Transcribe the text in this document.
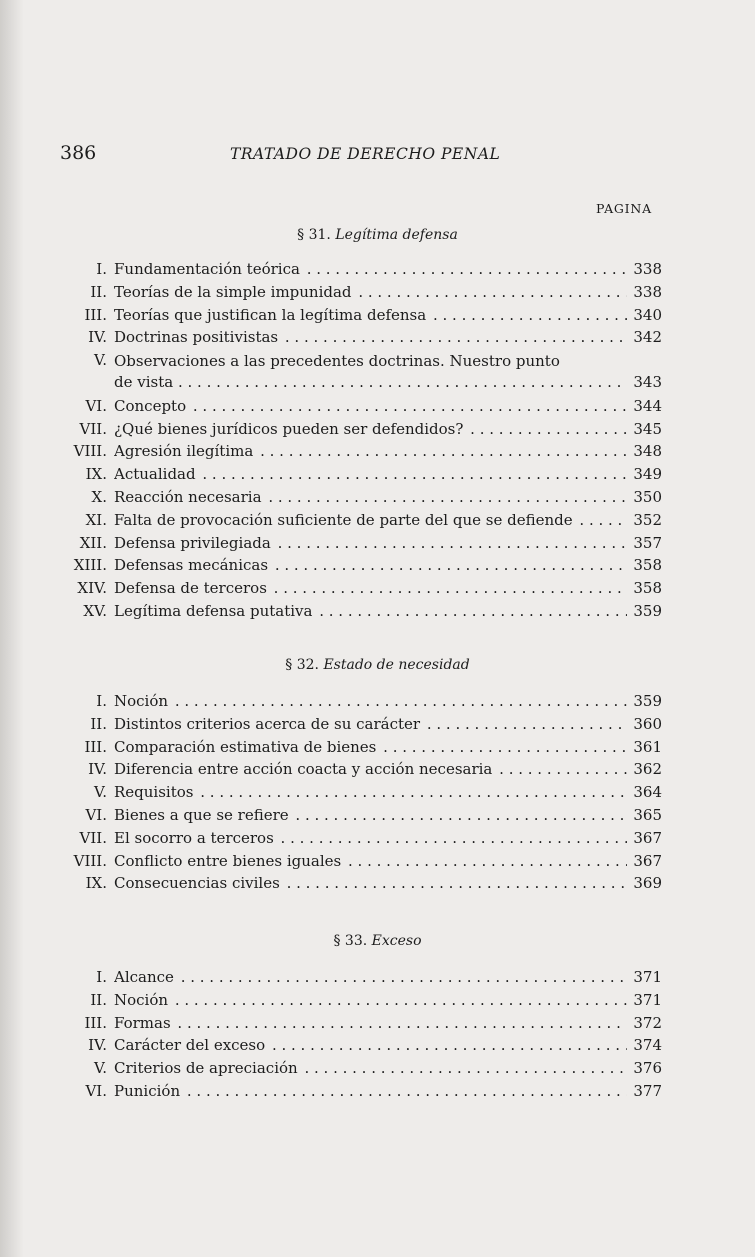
386	TRATADO DE DERECHO PENAL
PAGINA
§ 31. Legítima defensa
I. Fundamentación teórica . . .	338
II. Teorías de la simple impunidad . . .	338
III. Teorías que justifican la legítima defensa . . .	340
IV. Doctrinas positivistas . . .	342
V. Observaciones a las precedentes doctrinas. Nuestro punto
de vista . . .	343
VI. Concepto . . .	344
VII. ¿Qué bienes jurídicos pueden ser defendidos? . . .	345
VIII. Agresión ilegítima . . .	348
IX. Actualidad . . .	349
X. Reacción necesaria . . .	350
XI. Falta de provocación suficiente de parte del que se defiende . . .	352
XII. Defensa privilegiada . . .	357
XIII. Defensas mecánicas . . .	358
XIV. Defensa de terceros . . .	358
XV. Legítima defensa putativa . . .	359
§ 32. Estado de necesidad
I. Noción . . .	359
II. Distintos criterios acerca de su carácter . . .	360
III. Comparación estimativa de bienes . . .	361
IV. Diferencia entre acción coacta y acción necesaria . . .	362
V. Requisitos . . .	364
VI. Bienes a que se refiere . . .	365
VII. El socorro a terceros . . .	367
VIII. Conflicto entre bienes iguales . . .	367
IX. Consecuencias civiles . . .	369
§ 33. Exceso
I. Alcance . . .	371
II. Noción . . .	371
III. Formas . . .	372
IV. Carácter del exceso . . .	374
V. Criterios de apreciación . . .	376
VI. Punición . . .	377
